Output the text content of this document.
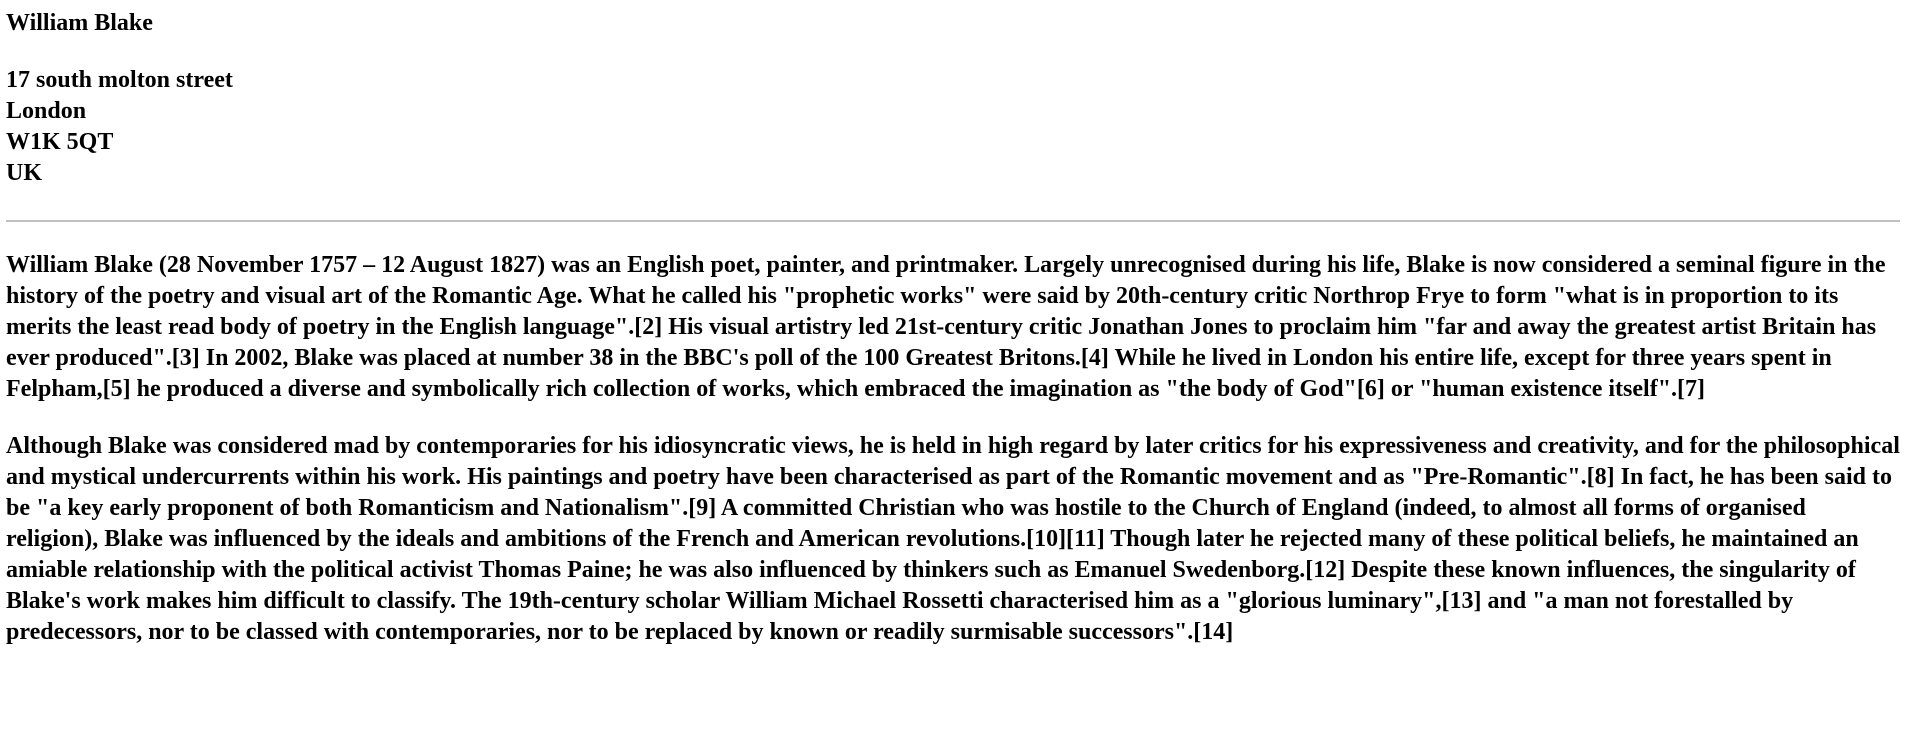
William Blake
17 south molton street
London
W1K 5QT
UK

William Blake (28 November 1757 – 12 August 1827) was an English poet, painter, and printmaker. Largely unrecognised during his life, Blake is now considered a seminal figure in the history of the poetry and visual art of the Romantic Age. What he called his "prophetic works" were said by 20th-century critic Northrop Frye to form "what is in proportion to its merits the least read body of poetry in the English language".[2] His visual artistry led 21st-century critic Jonathan Jones to proclaim him "far and away the greatest artist Britain has ever produced".[3] In 2002, Blake was placed at number 38 in the BBC's poll of the 100 Greatest Britons.[4] While he lived in London his entire life, except for three years spent in Felpham,[5] he produced a diverse and symbolically rich collection of works, which embraced the imagination as "the body of God"[6] or "human existence itself".[7]

Although Blake was considered mad by contemporaries for his idiosyncratic views, he is held in high regard by later critics for his expressiveness and creativity, and for the philosophical and mystical undercurrents within his work. His paintings and poetry have been characterised as part of the Romantic movement and as "Pre-Romantic".[8] In fact, he has been said to be "a key early proponent of both Romanticism and Nationalism".[9] A committed Christian who was hostile to the Church of England (indeed, to almost all forms of organised religion), Blake was influenced by the ideals and ambitions of the French and American revolutions.[10][11] Though later he rejected many of these political beliefs, he maintained an amiable relationship with the political activist Thomas Paine; he was also influenced by thinkers such as Emanuel Swedenborg.[12] Despite these known influences, the singularity of Blake's work makes him difficult to classify. The 19th-century scholar William Michael Rossetti characterised him as a "glorious luminary",[13] and "a man not forestalled by predecessors, nor to be classed with contemporaries, nor to be replaced by known or readily surmisable successors".[14]
